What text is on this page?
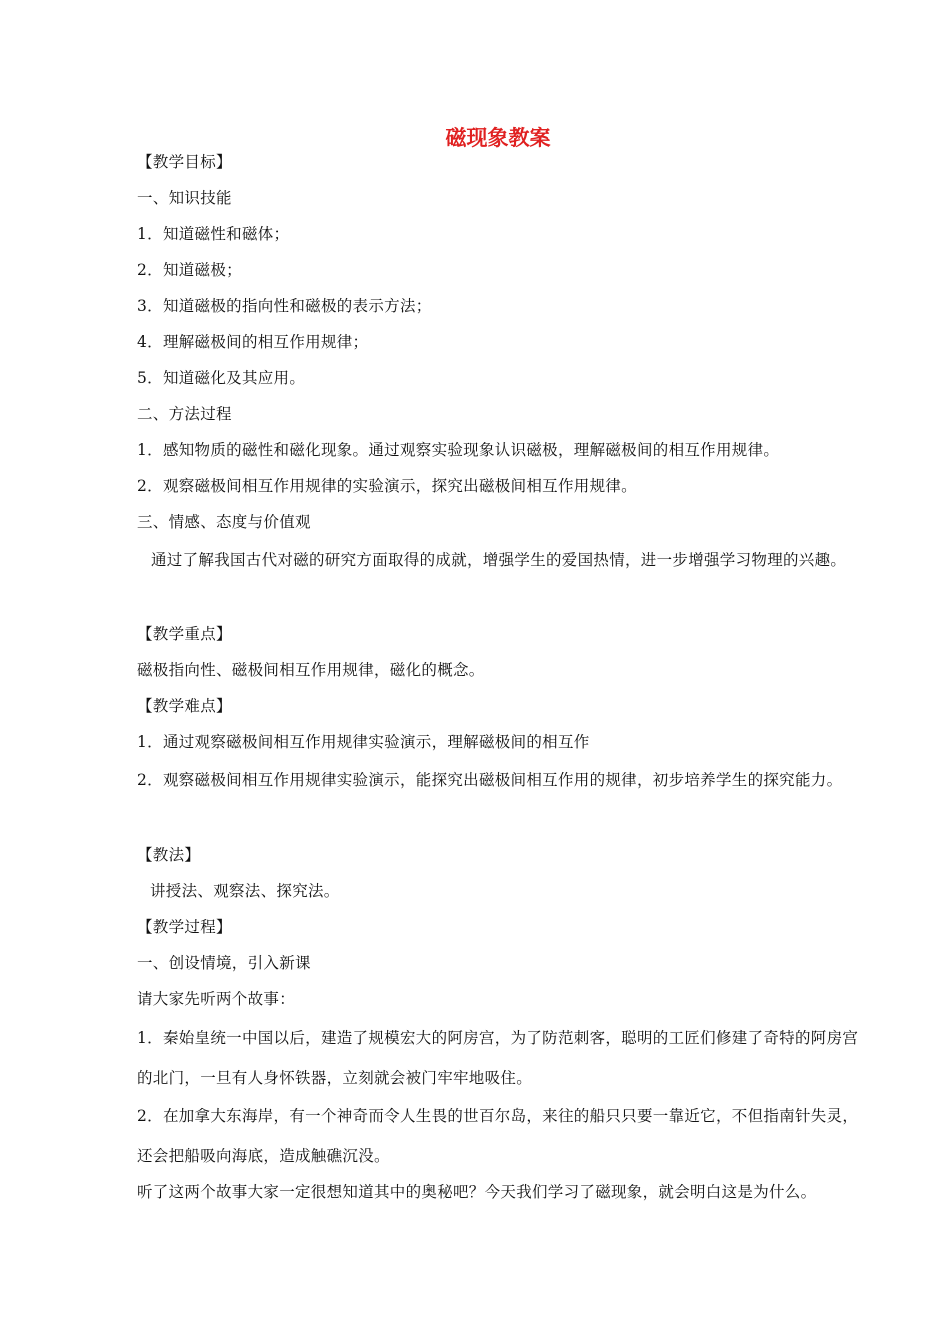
磁现象教案
【教学目标】
一、知识技能
1．知道磁性和磁体；
2．知道磁极；
3．知道磁极的指向性和磁极的表示方法；
4．理解磁极间的相互作用规律；
5．知道磁化及其应用。
二、方法过程
1．感知物质的磁性和磁化现象。通过观察实验现象认识磁极，理解磁极间的相互作用规律。
2．观察磁极间相互作用规律的实验演示，探究出磁极间相互作用规律。
三、情感、态度与价值观
通过了解我国古代对磁的研究方面取得的成就，增强学生的爱国热情，进一步增强学习物理的兴趣。
【教学重点】
磁极指向性、磁极间相互作用规律，磁化的概念。
【教学难点】
1．通过观察磁极间相互作用规律实验演示，理解磁极间的相互作
2．观察磁极间相互作用规律实验演示，能探究出磁极间相互作用的规律，初步培养学生的探究能力。
【教法】
讲授法、观察法、探究法。
【教学过程】
一、创设情境，引入新课
请大家先听两个故事：
1．秦始皇统一中国以后，建造了规模宏大的阿房宫，为了防范刺客，聪明的工匠们修建了奇特的阿房宫的北门，一旦有人身怀铁器，立刻就会被门牢牢地吸住。
2．在加拿大东海岸，有一个神奇而令人生畏的世百尔岛，来往的船只只要一靠近它，不但指南针失灵，还会把船吸向海底，造成触礁沉没。
听了这两个故事大家一定很想知道其中的奥秘吧？今天我们学习了磁现象，就会明白这是为什么。
